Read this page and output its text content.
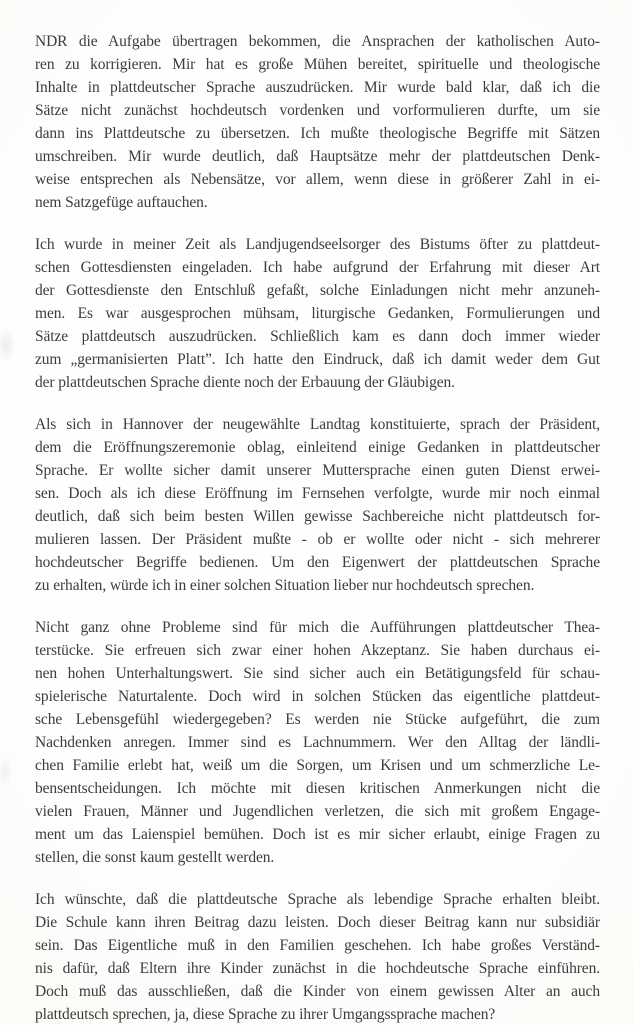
NDR die Aufgabe übertragen bekommen, die Ansprachen der katholischen Auto-
ren zu korrigieren. Mir hat es große Mühen bereitet, spirituelle und theologische
Inhalte in plattdeutscher Sprache auszudrücken. Mir wurde bald klar, daß ich die
Sätze nicht zunächst hochdeutsch vordenken und vorformulieren durfte, um sie
dann ins Plattdeutsche zu übersetzen. Ich mußte theologische Begriffe mit Sätzen
umschreiben. Mir wurde deutlich, daß Hauptsätze mehr der plattdeutschen Denk-
weise entsprechen als Nebensätze, vor allem, wenn diese in größerer Zahl in ei-
nem Satzgefüge auftauchen.
Ich wurde in meiner Zeit als Landjugendseelsorger des Bistums öfter zu plattdeut-
schen Gottesdiensten eingeladen. Ich habe aufgrund der Erfahrung mit dieser Art
der Gottesdienste den Entschluß gefaßt, solche Einladungen nicht mehr anzuneh-
men. Es war ausgesprochen mühsam, liturgische Gedanken, Formulierungen und
Sätze plattdeutsch auszudrücken. Schließlich kam es dann doch immer wieder
zum „germanisierten Platt”. Ich hatte den Eindruck, daß ich damit weder dem Gut
der plattdeutschen Sprache diente noch der Erbauung der Gläubigen.
Als sich in Hannover der neugewählte Landtag konstituierte, sprach der Präsident,
dem die Eröffnungszeremonie oblag, einleitend einige Gedanken in plattdeutscher
Sprache. Er wollte sicher damit unserer Muttersprache einen guten Dienst erwei-
sen. Doch als ich diese Eröffnung im Fernsehen verfolgte, wurde mir noch einmal
deutlich, daß sich beim besten Willen gewisse Sachbereiche nicht plattdeutsch for-
mulieren lassen. Der Präsident mußte - ob er wollte oder nicht - sich mehrerer
hochdeutscher Begriffe bedienen. Um den Eigenwert der plattdeutschen Sprache
zu erhalten, würde ich in einer solchen Situation lieber nur hochdeutsch sprechen.
Nicht ganz ohne Probleme sind für mich die Aufführungen plattdeutscher Thea-
terstücke. Sie erfreuen sich zwar einer hohen Akzeptanz. Sie haben durchaus ei-
nen hohen Unterhaltungswert. Sie sind sicher auch ein Betätigungsfeld für schau-
spielerische Naturtalente. Doch wird in solchen Stücken das eigentliche plattdeut-
sche Lebensgefühl wiedergegeben? Es werden nie Stücke aufgeführt, die zum
Nachdenken anregen. Immer sind es Lachnummern. Wer den Alltag der ländli-
chen Familie erlebt hat, weiß um die Sorgen, um Krisen und um schmerzliche Le-
bensentscheidungen. Ich möchte mit diesen kritischen Anmerkungen nicht die
vielen Frauen, Männer und Jugendlichen verletzen, die sich mit großem Engage-
ment um das Laienspiel bemühen. Doch ist es mir sicher erlaubt, einige Fragen zu
stellen, die sonst kaum gestellt werden.
Ich wünschte, daß die plattdeutsche Sprache als lebendige Sprache erhalten bleibt.
Die Schule kann ihren Beitrag dazu leisten. Doch dieser Beitrag kann nur subsidiär
sein. Das Eigentliche muß in den Familien geschehen. Ich habe großes Verständ-
nis dafür, daß Eltern ihre Kinder zunächst in die hochdeutsche Sprache einführen.
Doch muß das ausschließen, daß die Kinder von einem gewissen Alter an auch
plattdeutsch sprechen, ja, diese Sprache zu ihrer Umgangssprache machen?
